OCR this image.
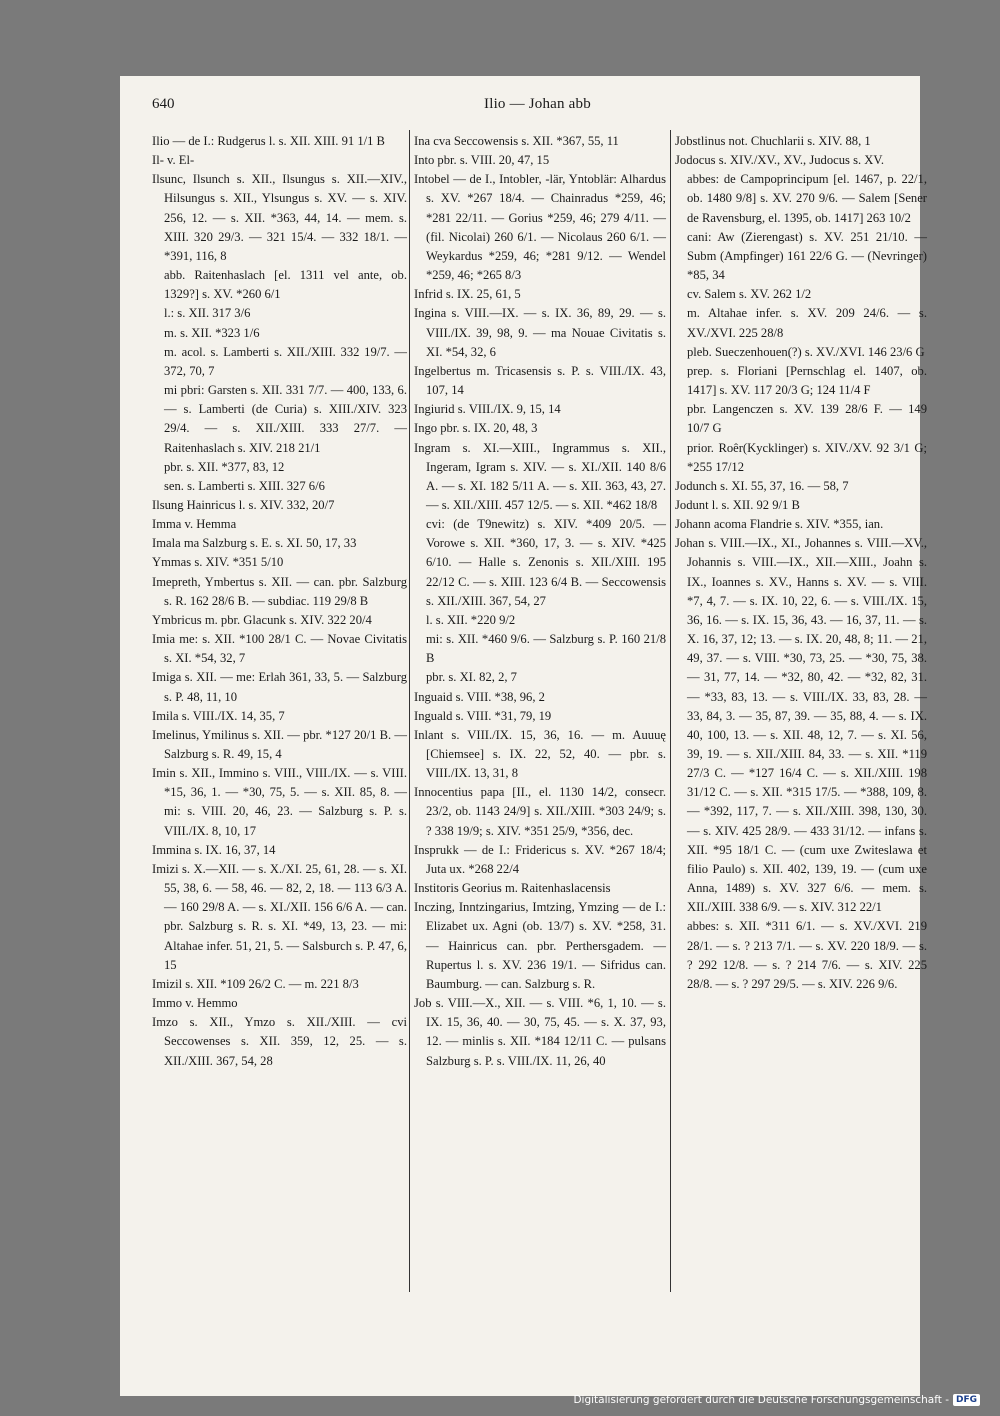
640	Ilio — Johan abb

Ilio — de I.: Rudgerus l. s. XII. XIII. 91 1/1 B

Il- v. El-

Ilsunc, Ilsunch s. XII., Ilsungus s. XII.—XIV., Hilsungus s. XII., Ylsungus s. XV. — s. XIV. 256, 12. — s. XII. *363, 44, 14. — mem. s. XIII. 320 29/3. — 321 15/4. — 332 18/1. — *391, 116, 8

abb. Raitenhaslach [el. 1311 vel ante, ob. 1329?] s. XV. *260 6/1

l.: s. XII. 317 3/6

m. s. XII. *323 1/6

m. acol. s. Lamberti s. XII./XIII. 332 19/7. — 372, 70, 7

mi pbri: Garsten s. XII. 331 7/7. — 400, 133, 6. — s. Lamberti (de Curia) s. XIII./XIV. 323 29/4. — s. XII./XIII. 333 27/7. — Raitenhaslach s. XIV. 218 21/1

pbr. s. XII. *377, 83, 12

sen. s. Lamberti s. XIII. 327 6/6

Ilsung Hainricus l. s. XIV. 332, 20/7

Imma v. Hemma

Imala ma Salzburg s. E. s. XI. 50, 17, 33

Ymmas s. XIV. *351 5/10

Imepreth, Ymbertus s. XII. — can. pbr. Salzburg s. R. 162 28/6 B. — subdiac. 119 29/8 B

Ymbricus m. pbr. Glacunk s. XIV. 322 20/4

Imia me: s. XII. *100 28/1 C. — Novae Civitatis s. XI. *54, 32, 7

Imiga s. XII. — me: Erlah 361, 33, 5. — Salzburg s. P. 48, 11, 10

Imila s. VIII./IX. 14, 35, 7

Imelinus, Ymilinus s. XII. — pbr. *127 20/1 B. — Salzburg s. R. 49, 15, 4

Imin s. XII., Immino s. VIII., VIII./IX. — s. VIII. *15, 36, 1. — *30, 75, 5. — s. XII. 85, 8. — mi: s. VIII. 20, 46, 23. — Salzburg s. P. s. VIII./IX. 8, 10, 17

Immina s. IX. 16, 37, 14

Imizi s. X.—XII. — s. X./XI. 25, 61, 28. — s. XI. 55, 38, 6. — 58, 46. — 82, 2, 18. — 113 6/3 A. — 160 29/8 A. — s. XI./XII. 156 6/6 A. — can. pbr. Salzburg s. R. s. XI. *49, 13, 23. — mi: Altahae infer. 51, 21, 5. — Salsburch s. P. 47, 6, 15

Imizil s. XII. *109 26/2 C. — m. 221 8/3

Immo v. Hemmo

Imzo s. XII., Ymzo s. XII./XIII. — cvi Seccowenses s. XII. 359, 12, 25. — s. XII./XIII. 367, 54, 28

Ina cva Seccowensis s. XII. *367, 55, 11

Into pbr. s. VIII. 20, 47, 15

Intobel — de I., Intobler, -lär, Yntoblär: Alhardus s. XV. *267 18/4. — Chainradus *259, 46; *281 22/11. — Gorius *259, 46; 279 4/11. — (fil. Nicolai) 260 6/1. — Nicolaus 260 6/1. — Weykardus *259, 46; *281 9/12. — Wendel *259, 46; *265 8/3

Infrid s. IX. 25, 61, 5

Ingina s. VIII.—IX. — s. IX. 36, 89, 29. — s. VIII./IX. 39, 98, 9. — ma Nouae Civitatis s. XI. *54, 32, 6

Ingelbertus m. Tricasensis s. P. s. VIII./IX. 43, 107, 14

Ingiurid s. VIII./IX. 9, 15, 14

Ingo pbr. s. IX. 20, 48, 3

Ingram s. XI.—XIII., Ingrammus s. XII., Ingeram, Igram s. XIV. — s. XI./XII. 140 8/6 A. — s. XI. 182 5/11 A. — s. XII. 363, 43, 27. — s. XII./XIII. 457 12/5. — s. XII. *462 18/8

cvi: (de T9newitz) s. XIV. *409 20/5. — Vorowe s. XII. *360, 17, 3. — s. XIV. *425 6/10. — Halle s. Zenonis s. XII./XIII. 195 22/12 C. — s. XIII. 123 6/4 B. — Seccowensis s. XII./XIII. 367, 54, 27

l. s. XII. *220 9/2

mi: s. XII. *460 9/6. — Salzburg s. P. 160 21/8 B

pbr. s. XI. 82, 2, 7

Inguaid s. VIII. *38, 96, 2

Inguald s. VIII. *31, 79, 19

Inlant s. VIII./IX. 15, 36, 16. — m. Auuuę [Chiemsee] s. IX. 22, 52, 40. — pbr. s. VIII./IX. 13, 31, 8

Innocentius papa [II., el. 1130 14/2, consecr. 23/2, ob. 1143 24/9] s. XII./XIII. *303 24/9; s. ? 338 19/9; s. XIV. *351 25/9, *356, dec.

Insprukk — de I.: Fridericus s. XV. *267 18/4; Juta ux. *268 22/4

Institoris Georius m. Raitenhaslacensis

Inczing, Inntzingarius, Imtzing, Ymzing — de I.: Elizabet ux. Agni (ob. 13/7) s. XV. *258, 31. — Hainricus can. pbr. Perthersgadem. — Rupertus l. s. XV. 236 19/1. — Sifridus can. Baumburg. — can. Salzburg s. R.

Job s. VIII.—X., XII. — s. VIII. *6, 1, 10. — s. IX. 15, 36, 40. — 30, 75, 45. — s. X. 37, 93, 12. — minlis s. XII. *184 12/11 C. — pulsans Salzburg s. P. s. VIII./IX. 11, 26, 40

Jobstlinus not. Chuchlarii s. XIV. 88, 1

Jodocus s. XIV./XV., XV., Judocus s. XV.

abbes: de Campoprincipum [el. 1467, p. 22/1, ob. 1480 9/8] s. XV. 270 9/6. — Salem [Sener de Ravensburg, el. 1395, ob. 1417] 263 10/2

cani: Aw (Zierengast) s. XV. 251 21/10. — Subm (Ampfinger) 161 22/6 G. — (Nevringer) *85, 34

cv. Salem s. XV. 262 1/2

m. Altahae infer. s. XV. 209 24/6. — s. XV./XVI. 225 28/8

pleb. Sueczenhouen(?) s. XV./XVI. 146 23/6 G

prep. s. Floriani [Pernschlag el. 1407, ob. 1417] s. XV. 117 20/3 G; 124 11/4 F

pbr. Langenczen s. XV. 139 28/6 F. — 149 10/7 G

prior. Roêr(Kycklinger) s. XIV./XV. 92 3/1 G; *255 17/12

Jodunch s. XI. 55, 37, 16. — 58, 7

Jodunt l. s. XII. 92 9/1 B

Johann acoma Flandrie s. XIV. *355, ian.

Johan s. VIII.—IX., XI., Johannes s. VIII.—XV., Johannis s. VIII.—IX., XII.—XIII., Joahn s. IX., Ioannes s. XV., Hanns s. XV. — s. VIII. *7, 4, 7. — s. IX. 10, 22, 6. — s. VIII./IX. 15, 36, 16. — s. IX. 15, 36, 43. — 16, 37, 11. — s. X. 16, 37, 12; 13. — s. IX. 20, 48, 8; 11. — 21, 49, 37. — s. VIII. *30, 73, 25. — *30, 75, 38. — 31, 77, 14. — *32, 80, 42. — *32, 82, 31. — *33, 83, 13. — s. VIII./IX. 33, 83, 28. — 33, 84, 3. — 35, 87, 39. — 35, 88, 4. — s. IX. 40, 100, 13. — s. XII. 48, 12, 7. — s. XI. 56, 39, 19. — s. XII./XIII. 84, 33. — s. XII. *119 27/3 C. — *127 16/4 C. — s. XII./XIII. 198 31/12 C. — s. XII. *315 17/5. — *388, 109, 8. — *392, 117, 7. — s. XII./XIII. 398, 130, 30. — s. XIV. 425 28/9. — 433 31/12. — infans s. XII. *95 18/1 C. — (cum uxe Zwiteslawa et filio Paulo) s. XII. 402, 139, 19. — (cum uxe Anna, 1489) s. XV. 327 6/6. — mem. s. XII./XIII. 338 6/9. — s. XIV. 312 22/1

abbes: s. XII. *311 6/1. — s. XV./XVI. 219 28/1. — s. ? 213 7/1. — s. XV. 220 18/9. — s. ? 292 12/8. — s. ? 214 7/6. — s. XIV. 225 28/8. — s. ? 297 29/5. — s. XIV. 226 9/6.

Digitalisierung gefördert durch die Deutsche Forschungsgemeinschaft - DFG
